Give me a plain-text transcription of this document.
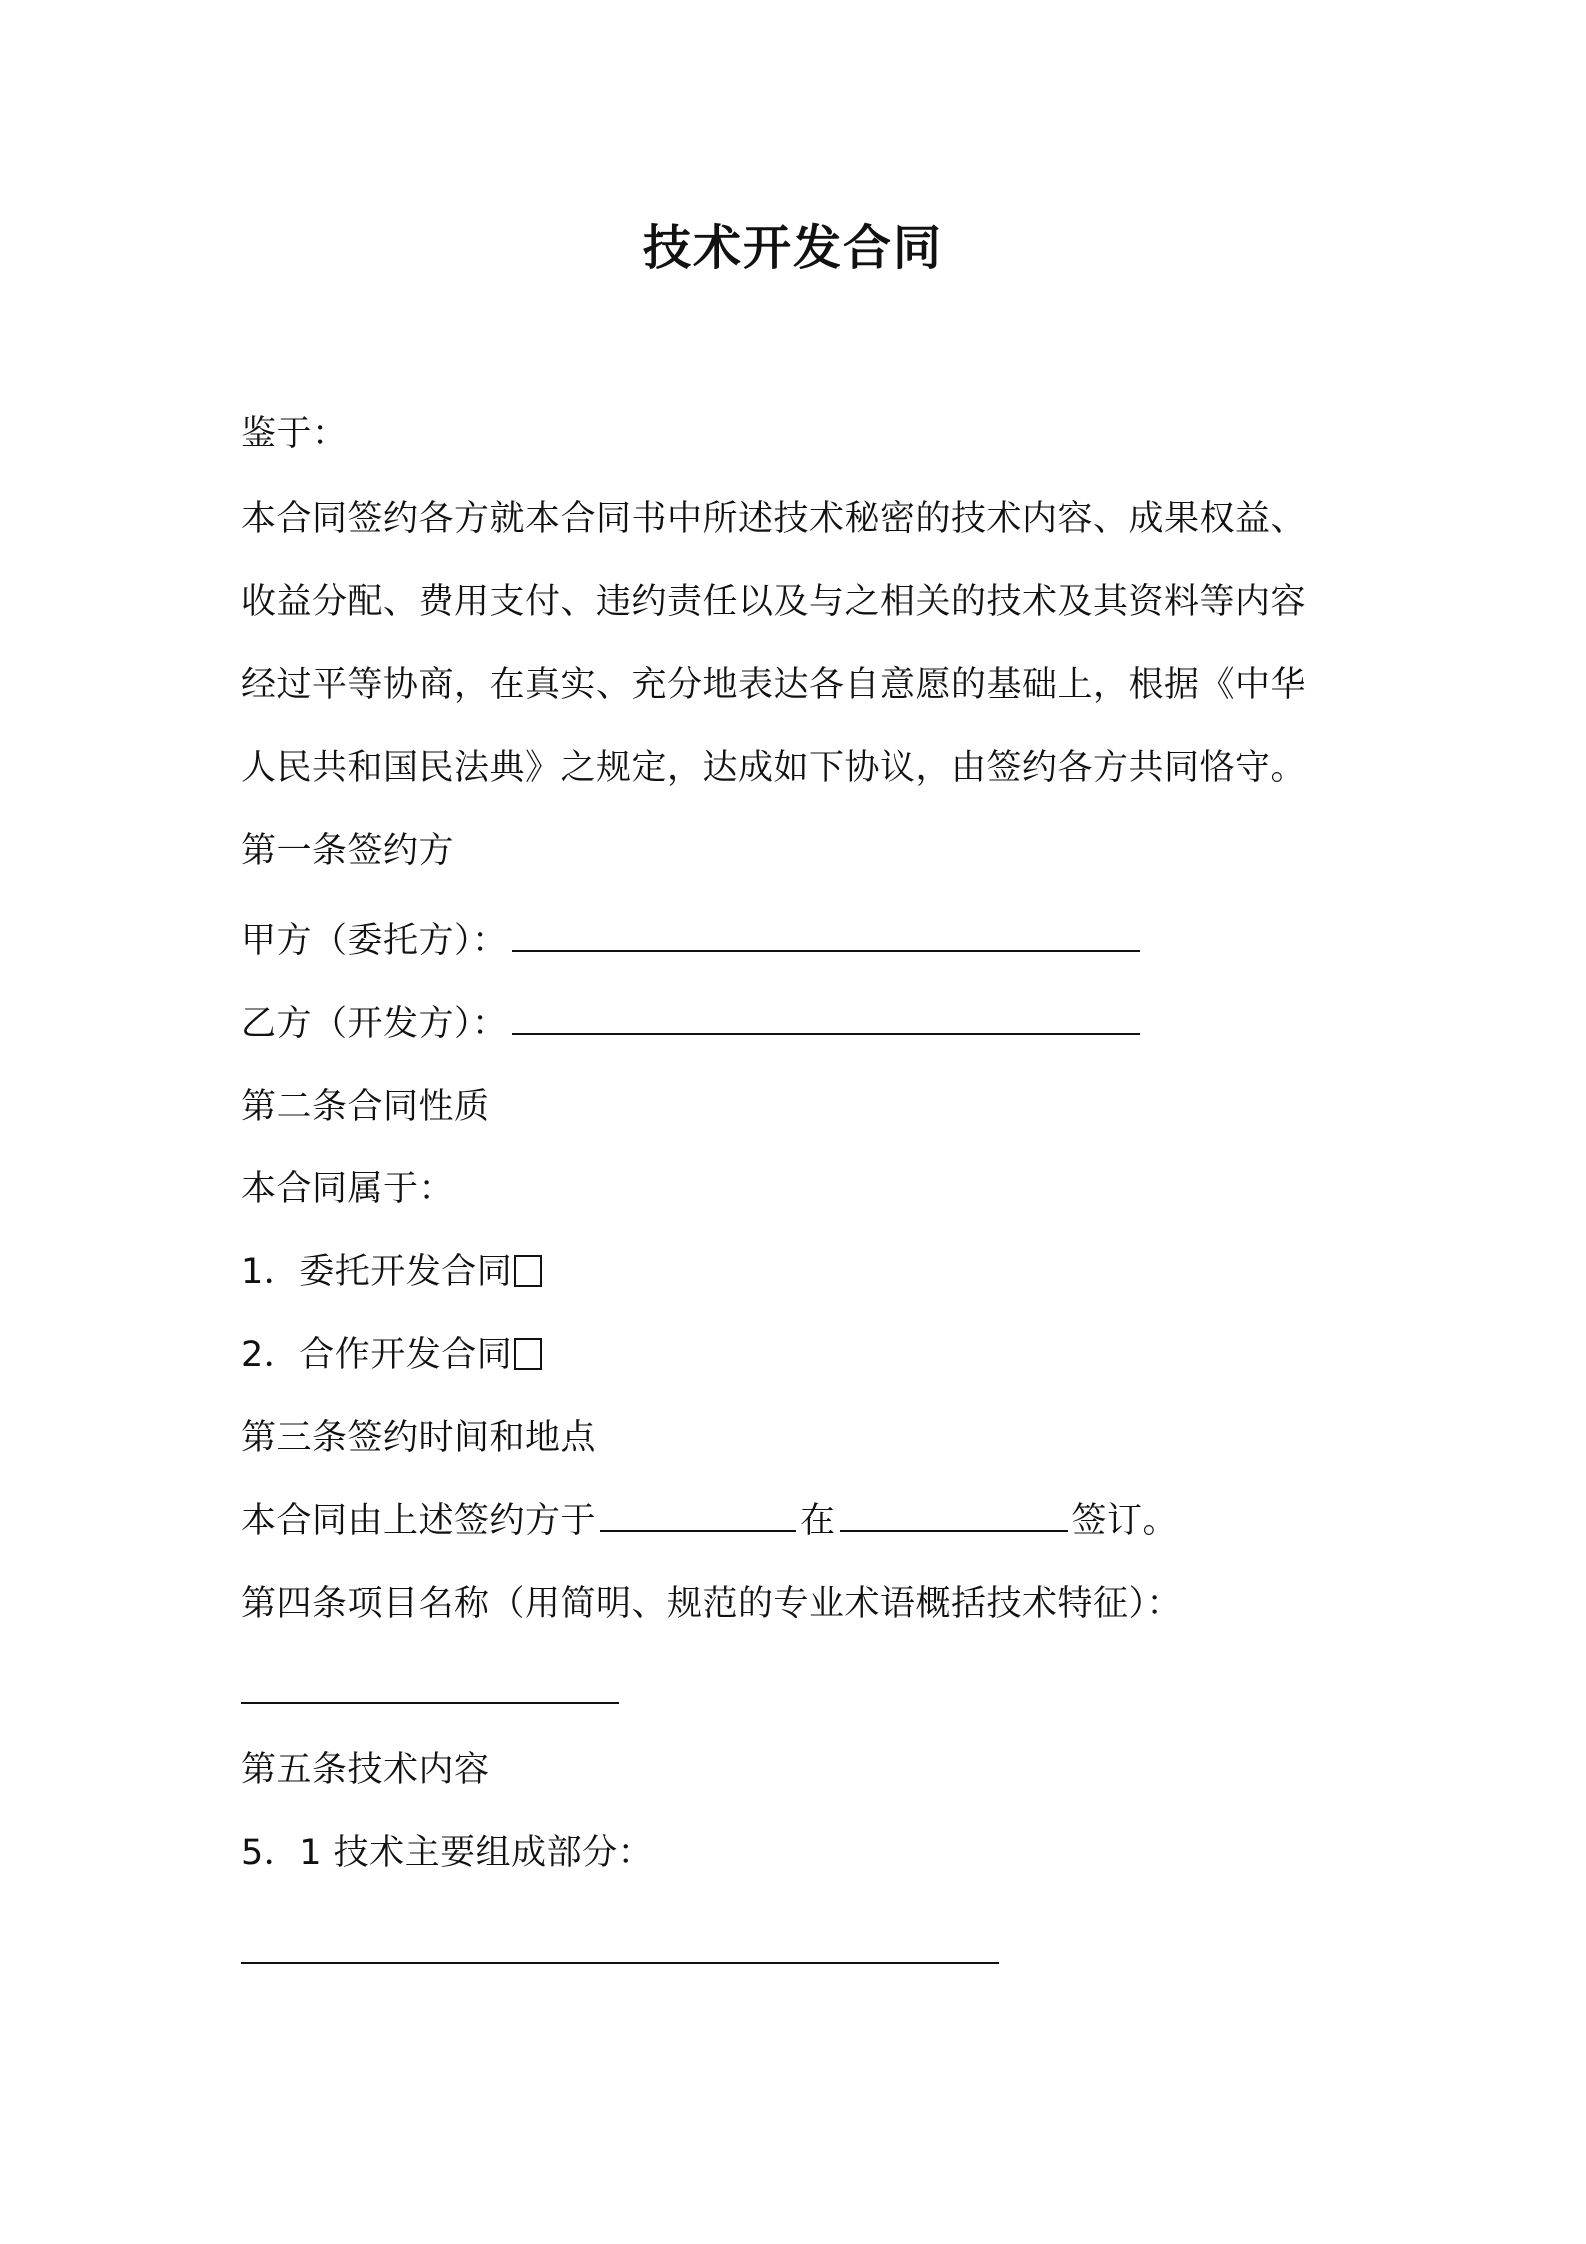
技术开发合同
鉴于：
本合同签约各方就本合同书中所述技术秘密的技术内容、成果权益、
收益分配、费用支付、违约责任以及与之相关的技术及其资料等内容
经过平等协商，在真实、充分地表达各自意愿的基础上，根据《中华
人民共和国民法典》之规定，达成如下协议，由签约各方共同恪守。
第一条签约方
甲方（委托方）：
乙方（开发方）：
第二条合同性质
本合同属于：
1．委托开发合同
2．合作开发合同
第三条签约时间和地点
本合同由上述签约方于	在	签订。
第四条项目名称（用简明、规范的专业术语概括技术特征）：
第五条技术内容
5．1 技术主要组成部分：
